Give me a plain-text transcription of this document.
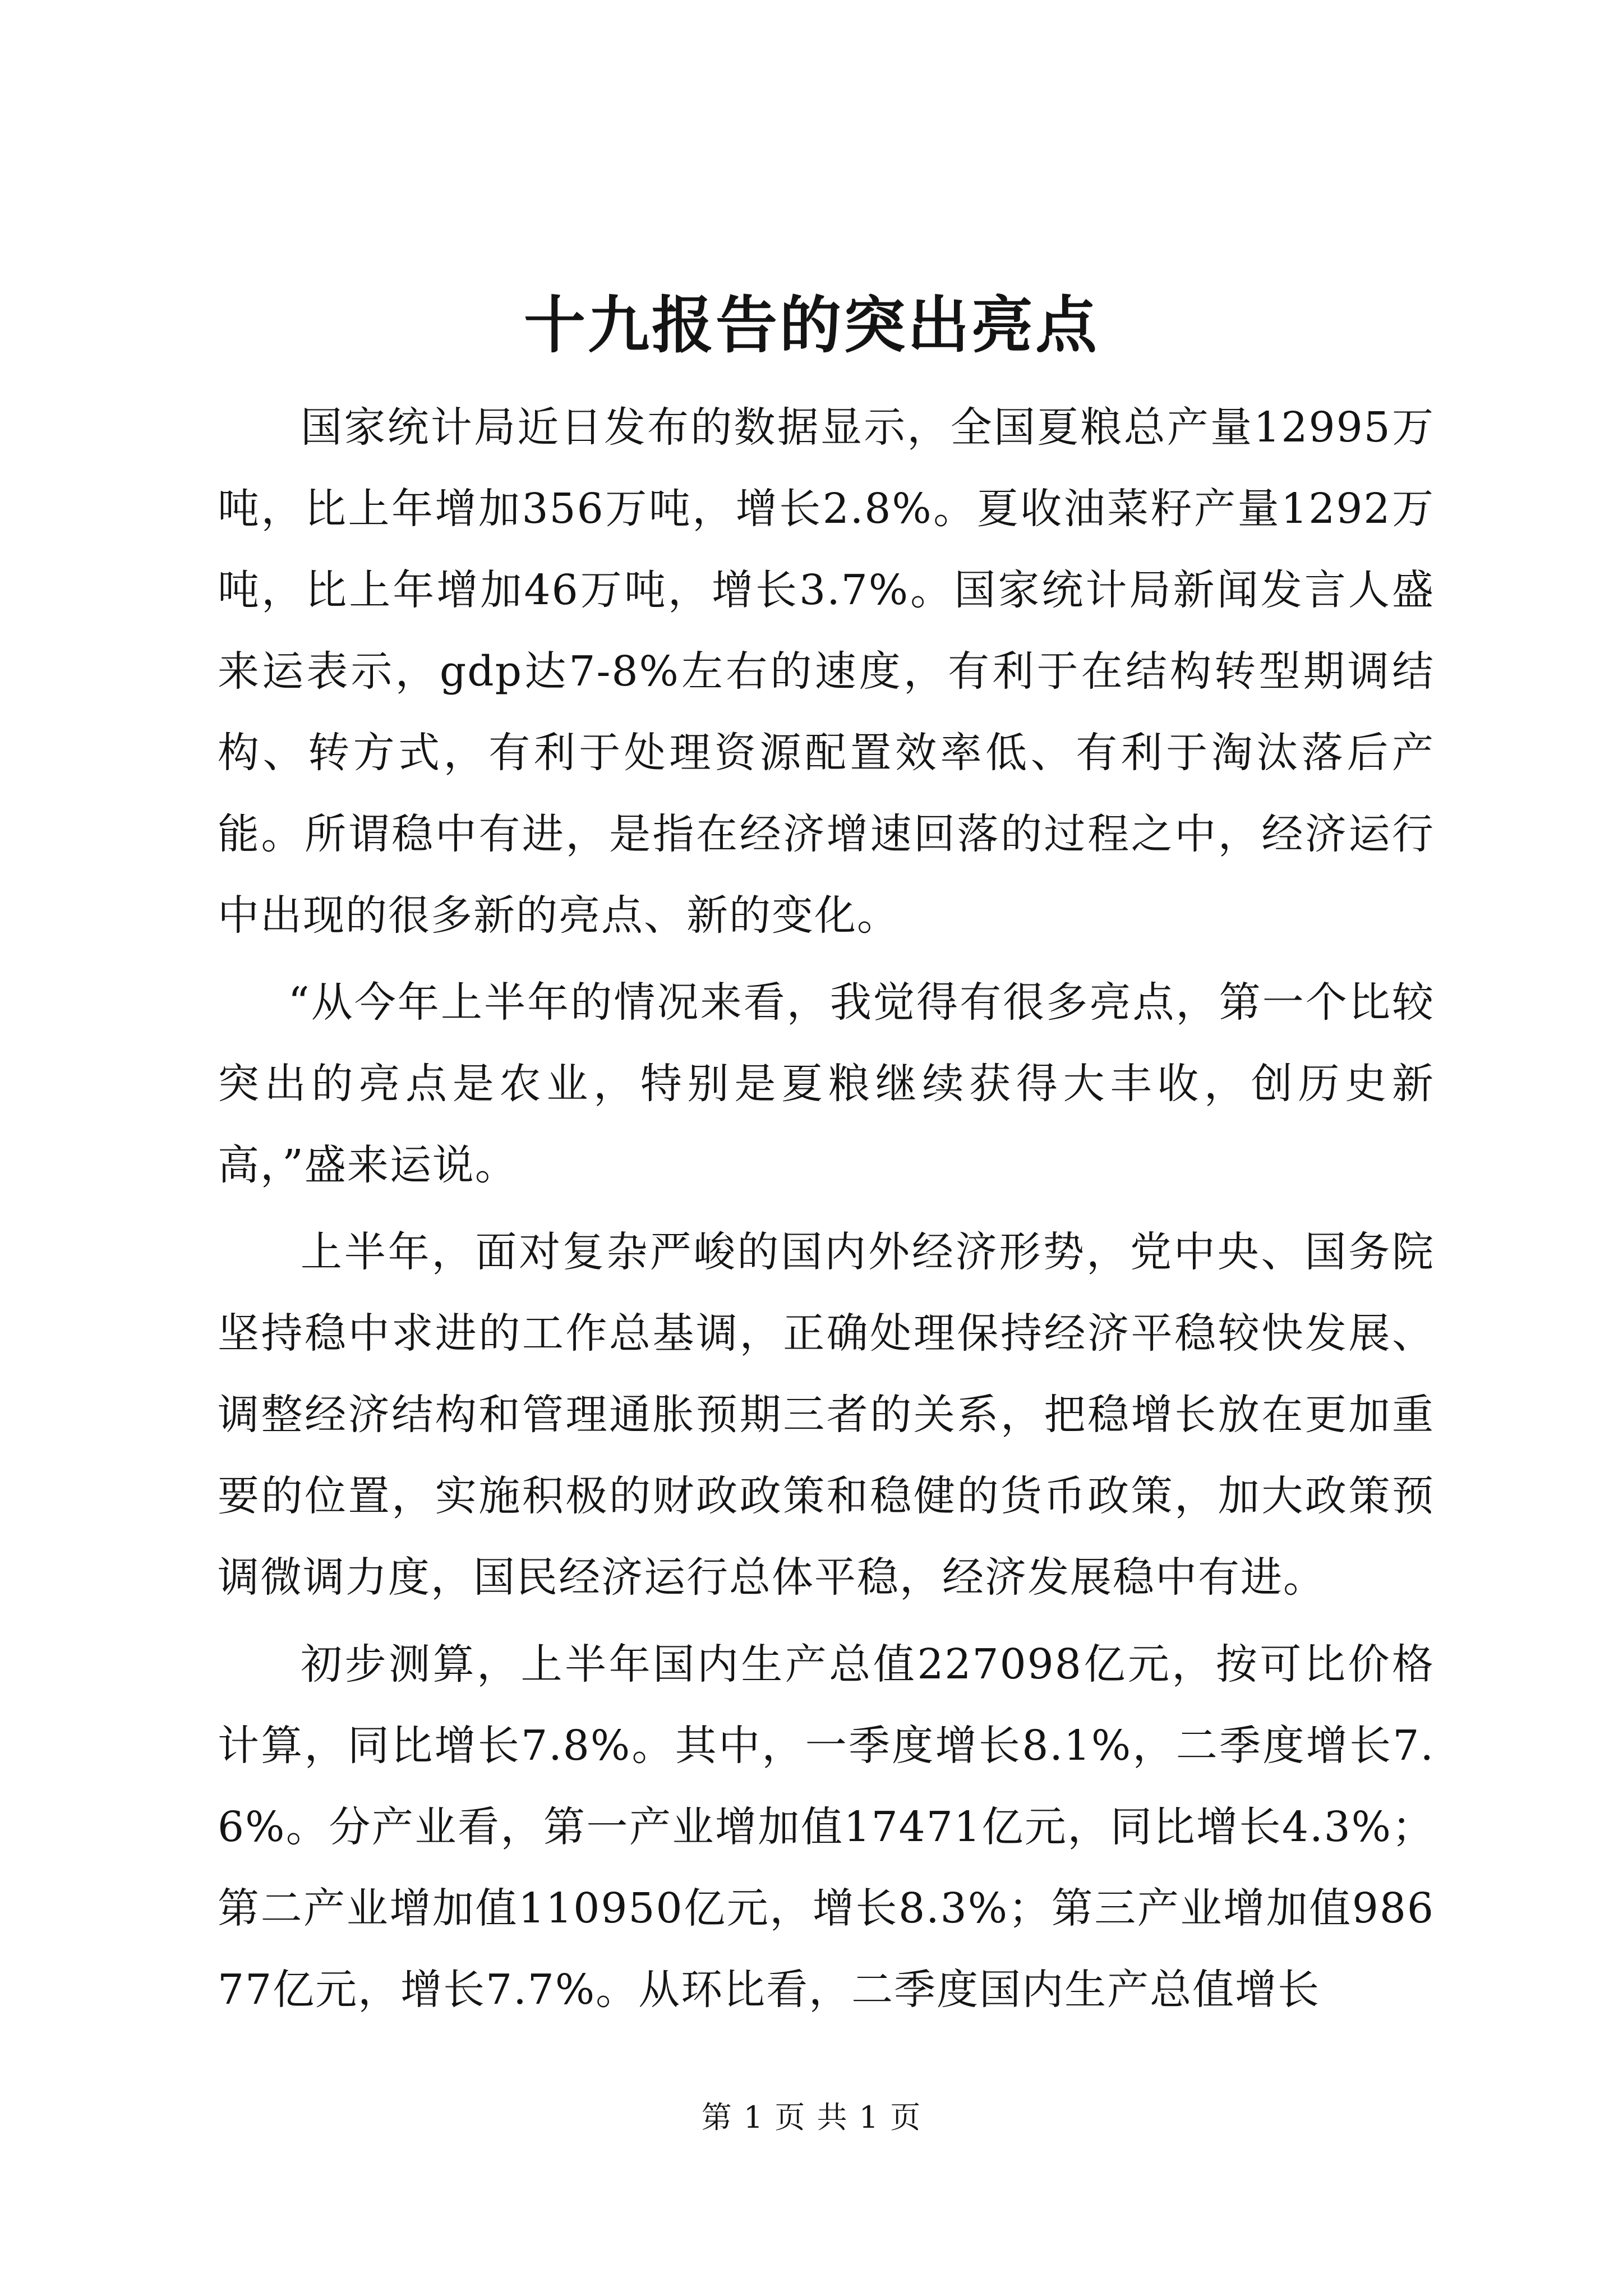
十九报告的突出亮点

国家统计局近日发布的数据显示，全国夏粮总产量12995万吨，比上年增加356万吨，增长2.8%。夏收油菜籽产量1292万吨，比上年增加46万吨，增长3.7%。国家统计局新闻发言人盛来运表示，gdp达7-8%左右的速度，有利于在结构转型期调结构、转方式，有利于处理资源配置效率低、有利于淘汰落后产能。所谓稳中有进，是指在经济增速回落的过程之中，经济运行中出现的很多新的亮点、新的变化。

“从今年上半年的情况来看，我觉得有很多亮点，第一个比较突出的亮点是农业，特别是夏粮继续获得大丰收，创历史新高，”盛来运说。

上半年，面对复杂严峻的国内外经济形势，党中央、国务院坚持稳中求进的工作总基调，正确处理保持经济平稳较快发展、调整经济结构和管理通胀预期三者的关系，把稳增长放在更加重要的位置，实施积极的财政政策和稳健的货币政策，加大政策预调微调力度，国民经济运行总体平稳，经济发展稳中有进。

初步测算，上半年国内生产总值227098亿元，按可比价格计算，同比增长7.8%。其中，一季度增长8.1%，二季度增长7.6%。分产业看，第一产业增加值17471亿元，同比增长4.3%；第二产业增加值110950亿元，增长8.3%；第三产业增加值98677亿元，增长7.7%。从环比看，二季度国内生产总值增长

第 1 页 共 1 页
